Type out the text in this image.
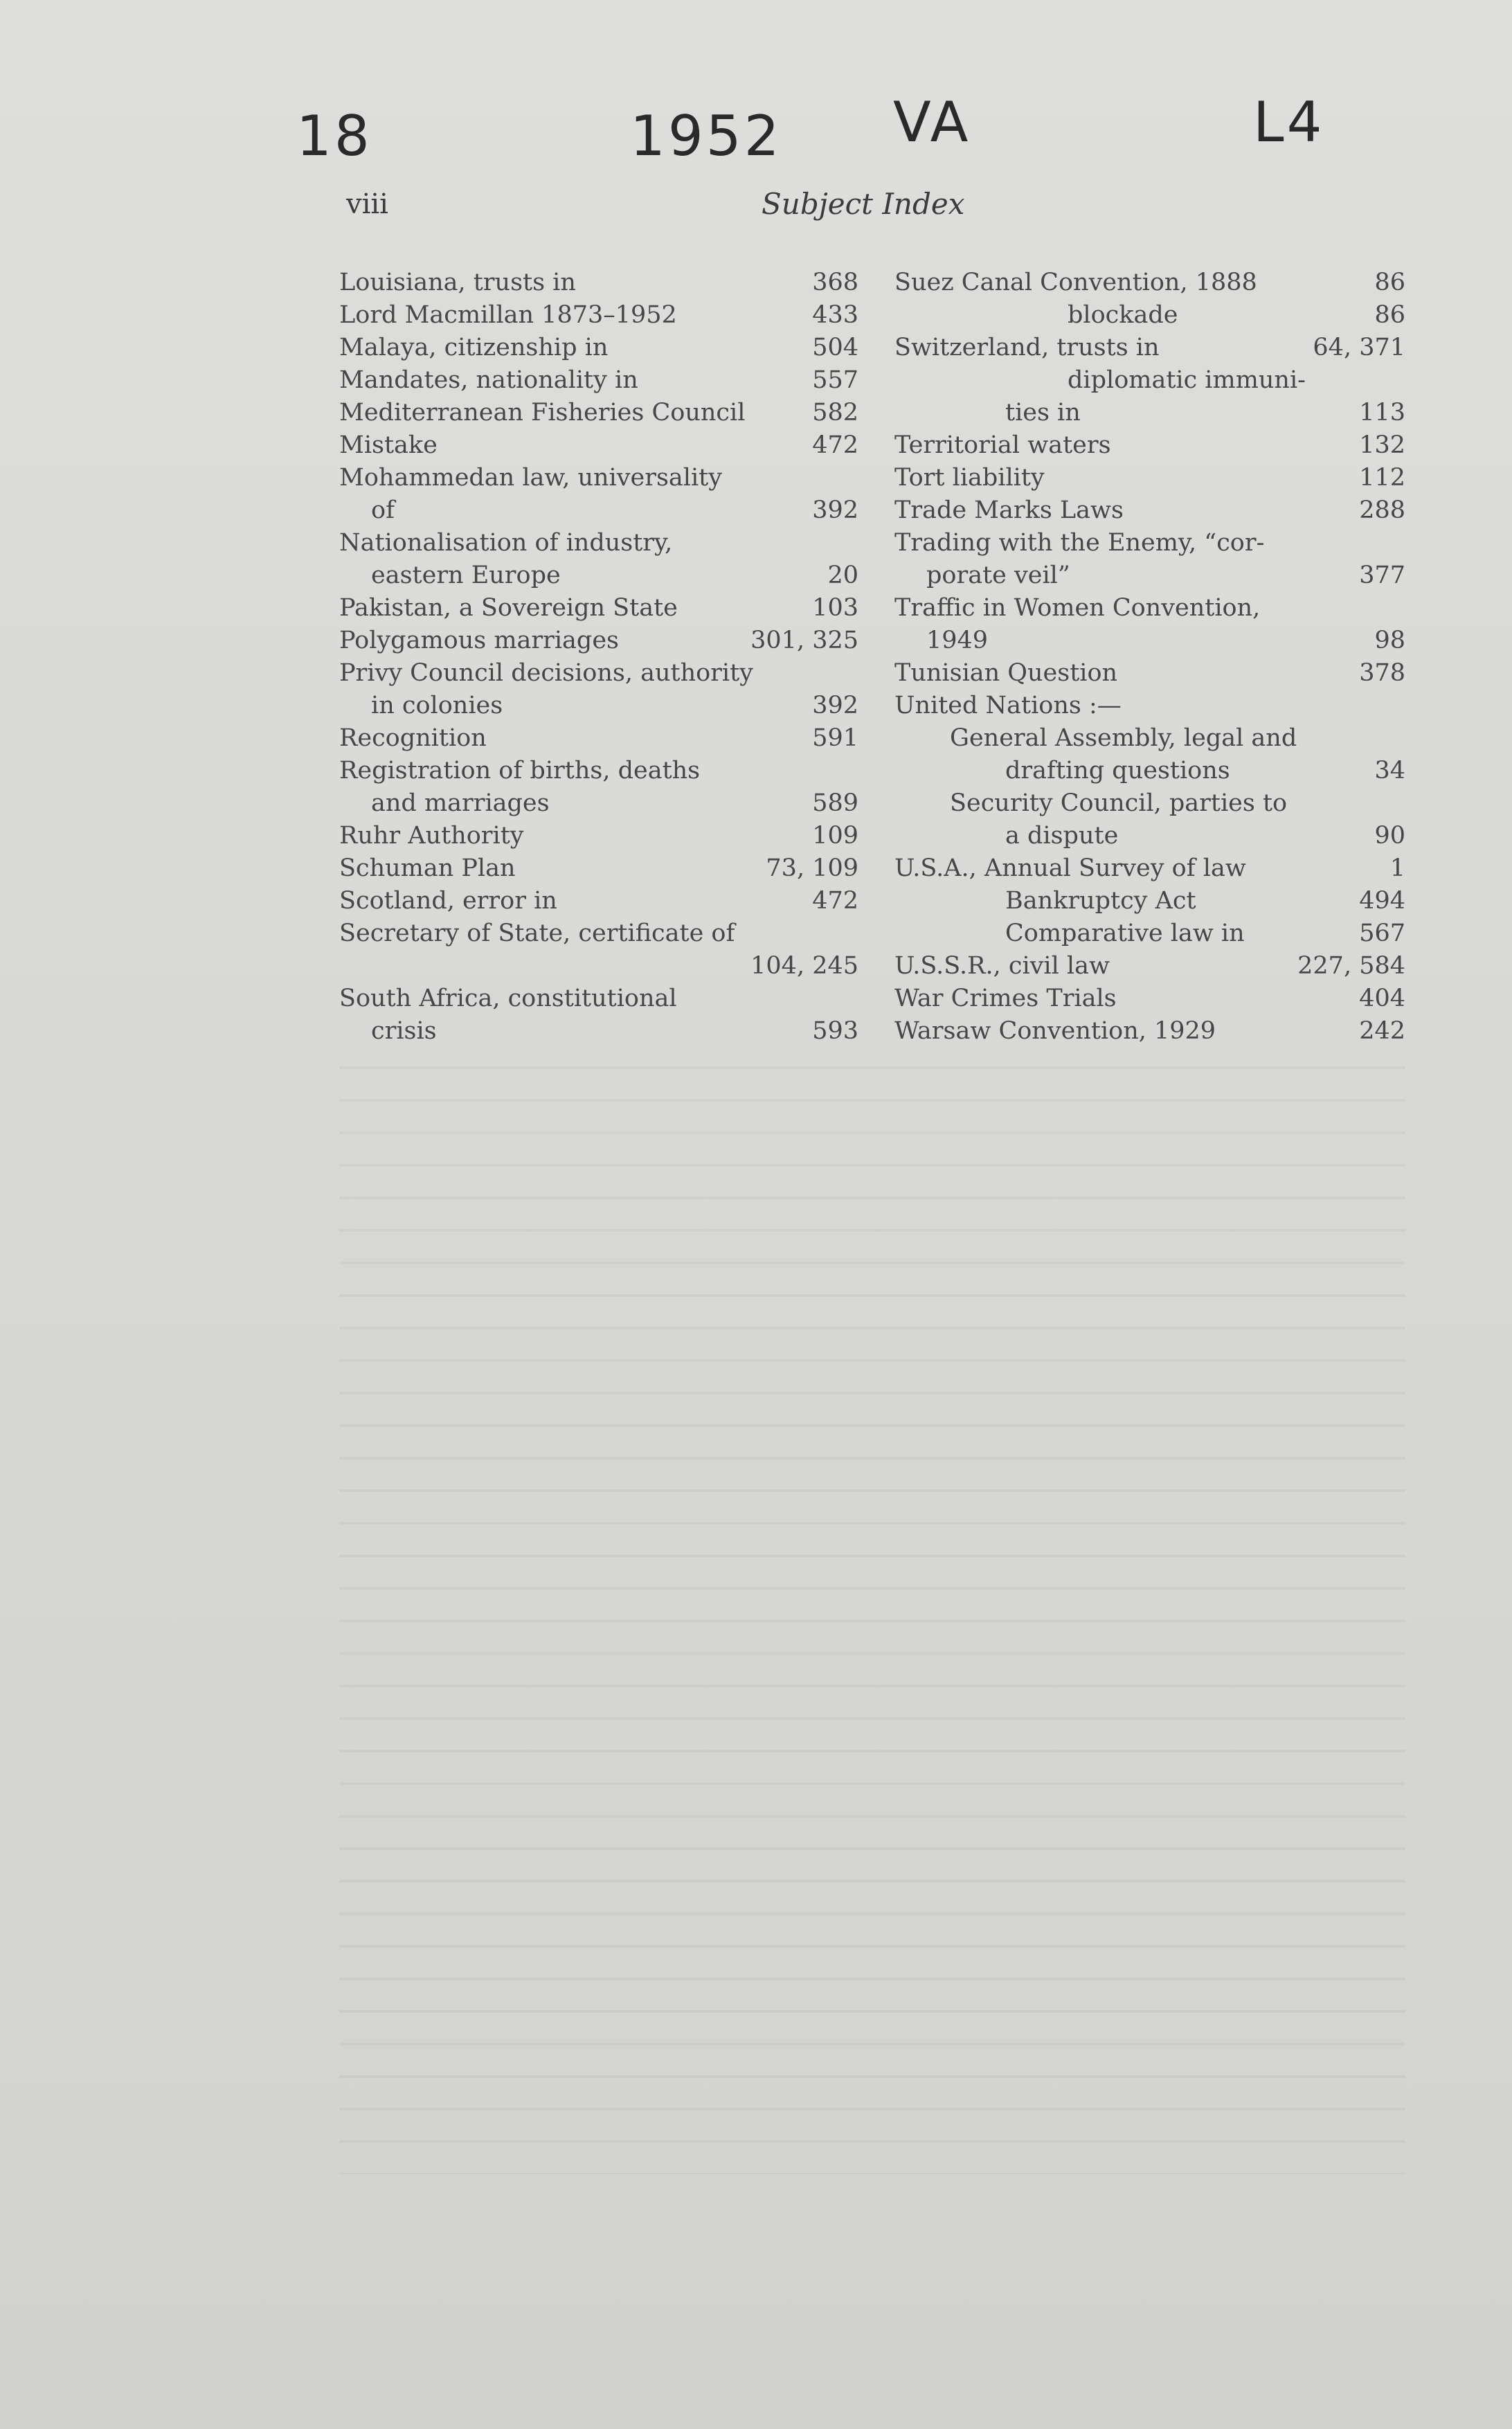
18	1952 VA	L4
viii	Subject Index
Louisiana, trusts in	368
Lord Macmillan 1873–1952	433
Malaya, citizenship in	504
Mandates, nationality in	557
Mediterranean Fisheries Council	582
Mistake	472
Mohammedan law, universality
of	392
Nationalisation of industry,
eastern Europe	20
Pakistan, a Sovereign State	103
Polygamous marriages	301, 325
Privy Council decisions, authority
in colonies	392
Recognition	591
Registration of births, deaths
and marriages	589
Ruhr Authority	109
Schuman Plan	73, 109
Scotland, error in	472
Secretary of State, certificate of
104, 245
South Africa, constitutional
crisis	593
Suez Canal Convention, 1888	86
blockade	86
Switzerland, trusts in	64, 371
diplomatic immuni-
ties in	113
Territorial waters	132
Tort liability	112
Trade Marks Laws	288
Trading with the Enemy, “cor-
porate veil”	377
Traffic in Women Convention,
1949	98
Tunisian Question	378
United Nations :—
General Assembly, legal and
drafting questions	34
Security Council, parties to
a dispute	90
U.S.A., Annual Survey of law	1
Bankruptcy Act	494
Comparative law in	567
U.S.S.R., civil law	227, 584
War Crimes Trials	404
Warsaw Convention, 1929	242
